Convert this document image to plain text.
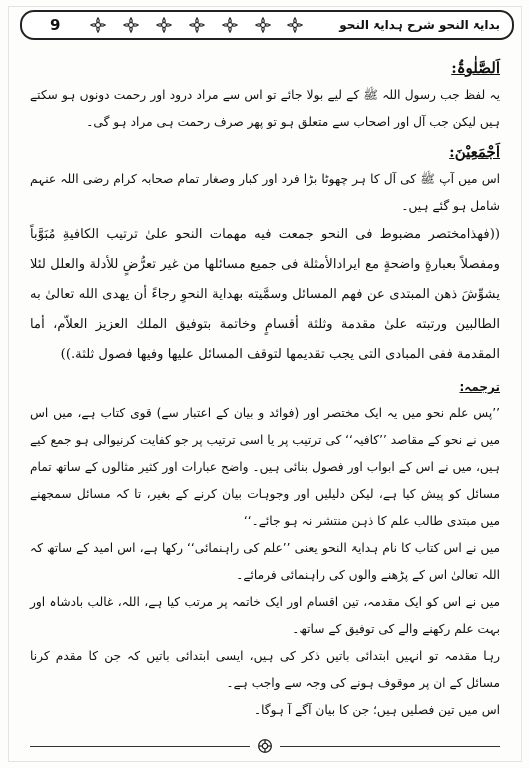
9	بدایۃ النحو شرح ہدایۃ النحو

اَلصَّلٰوۃُ:

یہ لفظ جب رسول اللہ ﷺ کے لیے بولا جائے تو اس سے مراد درود اور رحمت دونوں ہو سکتے ہیں لیکن جب آل اور اصحاب سے متعلق ہو تو پھر صرف رحمت ہی مراد ہو گی۔

اَجْمَعِیْنَ:

اس میں آپ ﷺ کی آل کا ہر چھوٹا بڑا فرد اور کبار وصغار تمام صحابہ کرام رضی اللہ عنہم شامل ہو گئے ہیں۔

((فهذامختصر مضبوط فى النحو جمعت فيه مهمات النحو علىٰ ترتيب الكافيةِ مُبَوَّباً ومفصلاً بعبارةٍ واضحةٍ مع ايرادالأمثلة فى جميع مسائلها من غير تعرُّضٍ للأدلة والعلل لئلا يشوِّشَ ذهن المبتدى عن فهم المسائل وسمَّيته بهداية النحوِ رجاءً أن يهدى الله تعالىٰ به الطالبين ورتبته علىٰ مقدمة وثلثة أقسامٍ وخاتمة بتوفيق الملك العزيز العلاّم، أما المقدمة ففى المبادى التى يجب تقديمها لتوقف المسائل عليها وفيها فصول ثلثة.))

ترجمہ:

’’پس علم نحو میں یہ ایک مختصر اور (فوائد و بیان کے اعتبار سے) قوی کتاب ہے، میں اس میں نے نحو کے مقاصد ’’کافیہ‘‘ کی ترتیب پر یا اسی ترتیب پر جو کفایت کرنیوالی ہو جمع کیے ہیں، میں نے اس کے ابواب اور فصول بنائی ہیں۔ واضح عبارات اور کثیر مثالوں کے ساتھ تمام مسائل کو پیش کیا ہے، لیکن دلیلیں اور وجوہات بیان کرنے کے بغیر، تا کہ مسائل سمجھنے میں مبتدی طالب علم کا ذہن منتشر نہ ہو جائے۔‘‘

میں نے اس کتاب کا نام ہدایۃ النحو یعنی ’’علم کی راہنمائی‘‘ رکھا ہے، اس امید کے ساتھ کہ اللہ تعالیٰ اس کے پڑھنے والوں کی راہنمائی فرمائے۔

میں نے اس کو ایک مقدمہ، تین اقسام اور ایک خاتمہ پر مرتب کیا ہے، اللہ، غالب بادشاہ اور بہت علم رکھنے والے کی توفیق کے ساتھ۔

رہا مقدمہ تو انہیں ابتدائی باتیں ذکر کی ہیں، ایسی ابتدائی باتیں کہ جن کا مقدم کرنا مسائل کے ان پر موقوف ہونے کی وجہ سے واجب ہے۔

اس میں تین فصلیں ہیں؛ جن کا بیان آگے آ ہوگا۔
